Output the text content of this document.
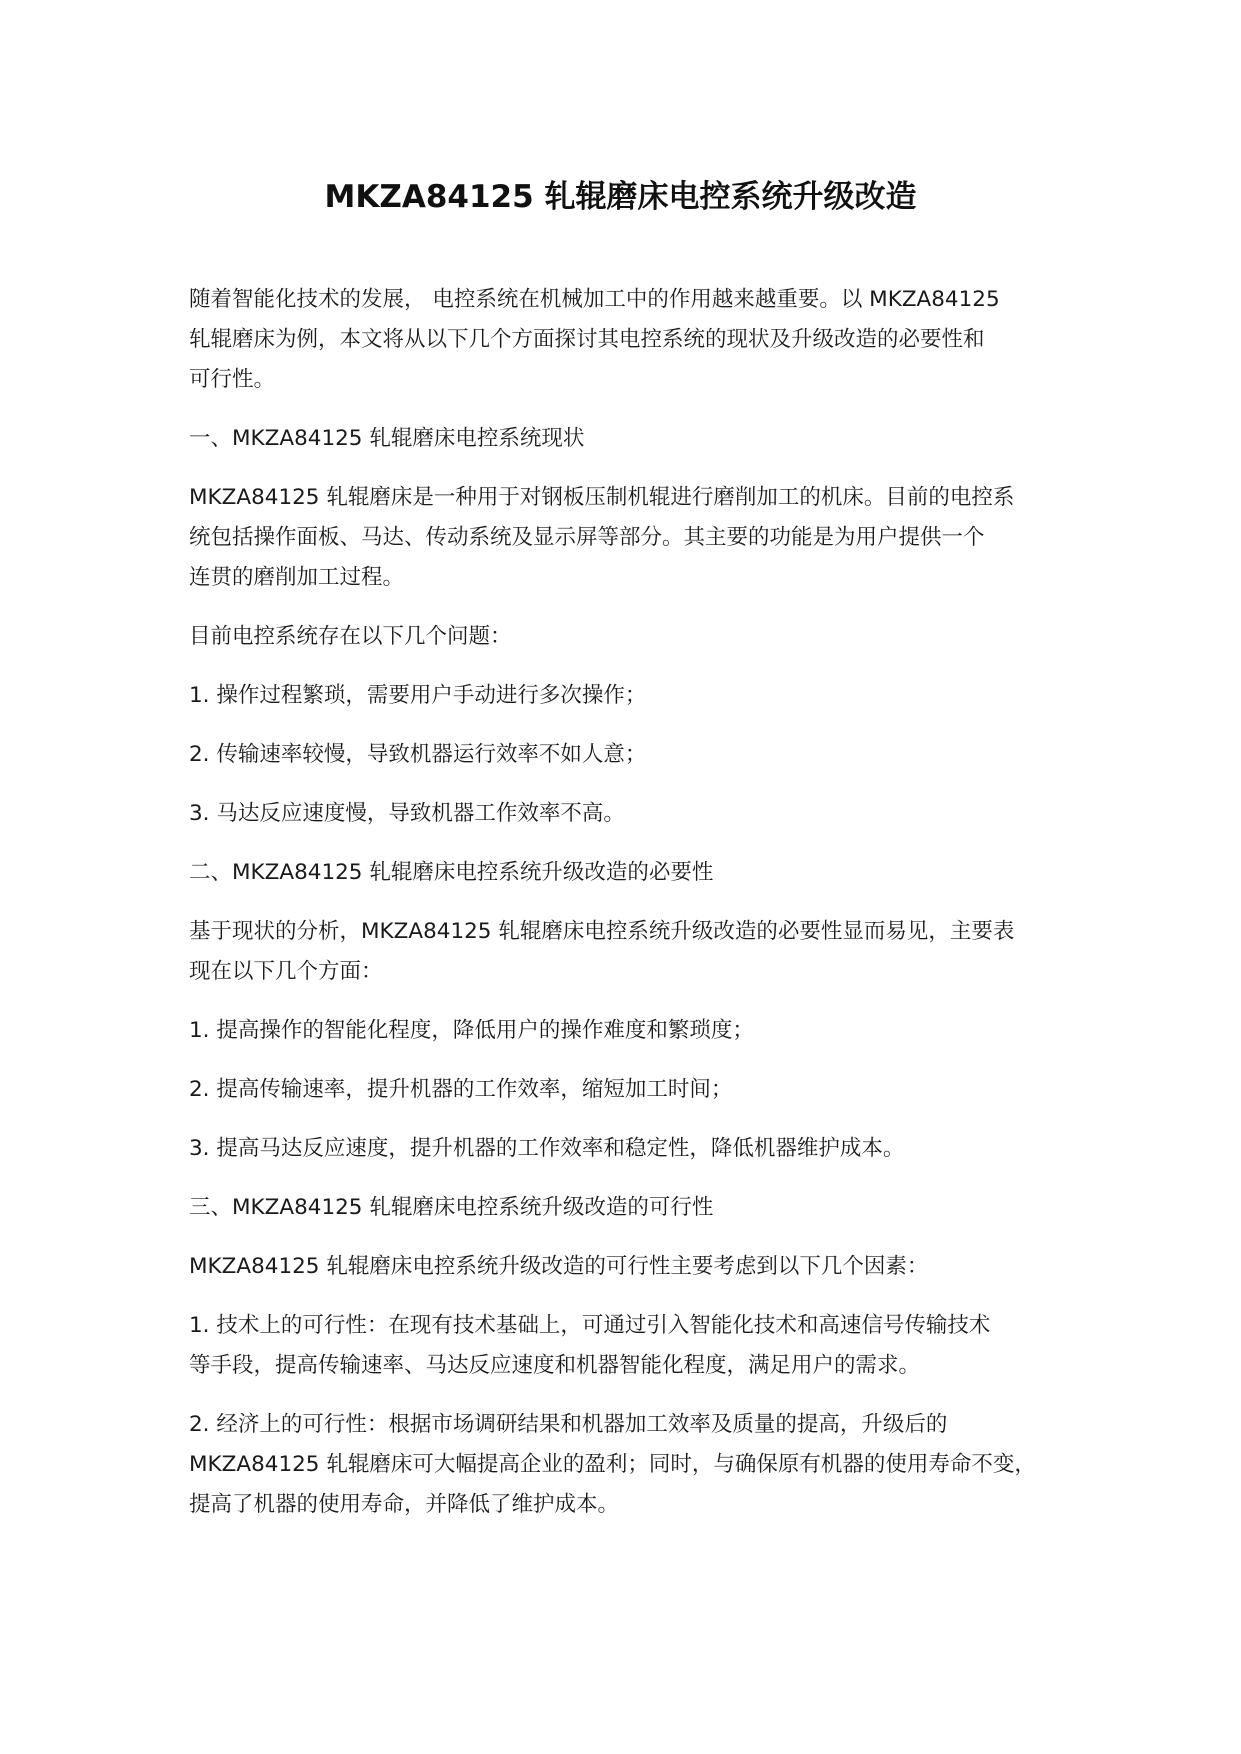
MKZA84125 轧辊磨床电控系统升级改造

随着智能化技术的发展， 电控系统在机械加工中的作用越来越重要。以 MKZA84125
轧辊磨床为例，本文将从以下几个方面探讨其电控系统的现状及升级改造的必要性和
可行性。

一、MKZA84125 轧辊磨床电控系统现状

MKZA84125 轧辊磨床是一种用于对钢板压制机辊进行磨削加工的机床。目前的电控系
统包括操作面板、马达、传动系统及显示屏等部分。其主要的功能是为用户提供一个
连贯的磨削加工过程。

目前电控系统存在以下几个问题：

1. 操作过程繁琐，需要用户手动进行多次操作；

2. 传输速率较慢，导致机器运行效率不如人意；

3. 马达反应速度慢，导致机器工作效率不高。

二、MKZA84125 轧辊磨床电控系统升级改造的必要性

基于现状的分析，MKZA84125 轧辊磨床电控系统升级改造的必要性显而易见，主要表
现在以下几个方面：

1. 提高操作的智能化程度，降低用户的操作难度和繁琐度；

2. 提高传输速率，提升机器的工作效率，缩短加工时间；

3. 提高马达反应速度，提升机器的工作效率和稳定性，降低机器维护成本。

三、MKZA84125 轧辊磨床电控系统升级改造的可行性

MKZA84125 轧辊磨床电控系统升级改造的可行性主要考虑到以下几个因素：

1. 技术上的可行性：在现有技术基础上，可通过引入智能化技术和高速信号传输技术
等手段，提高传输速率、马达反应速度和机器智能化程度，满足用户的需求。

2. 经济上的可行性：根据市场调研结果和机器加工效率及质量的提高，升级后的
MKZA84125 轧辊磨床可大幅提高企业的盈利；同时，与确保原有机器的使用寿命不变，
提高了机器的使用寿命，并降低了维护成本。
